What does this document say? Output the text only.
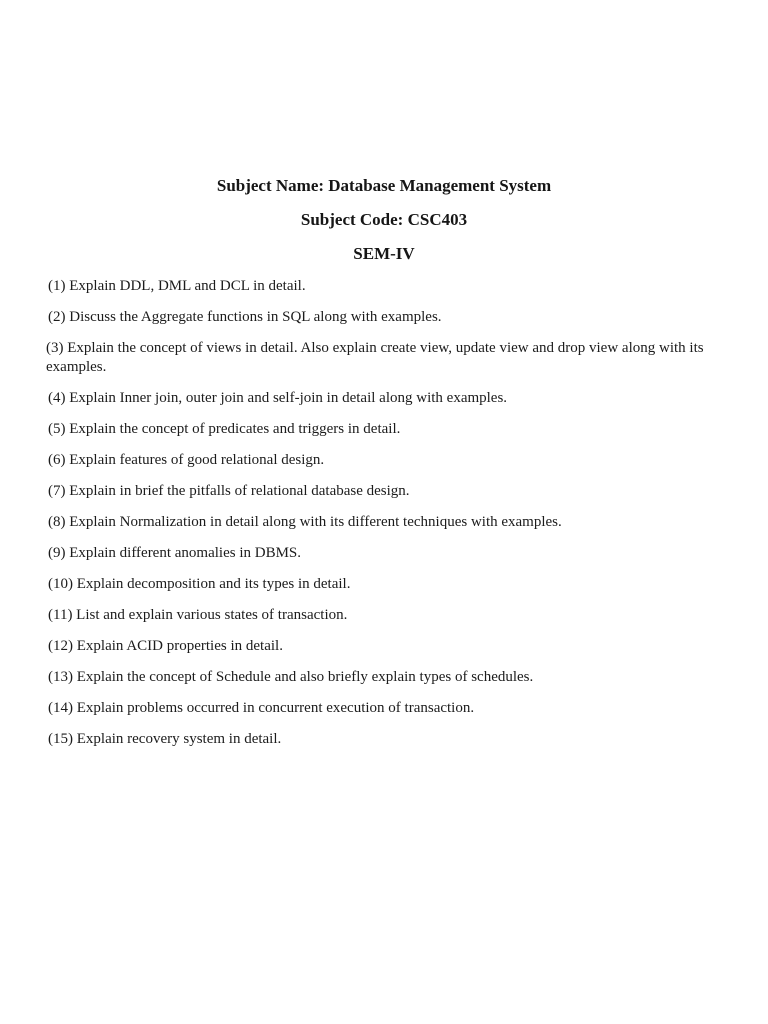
Subject Name: Database Management System
Subject Code: CSC403
SEM-IV
(1) Explain DDL, DML and DCL in detail.
(2) Discuss the Aggregate functions in SQL along with examples.
(3) Explain the concept of views in detail. Also explain create view, update view and drop view along with its examples.
(4) Explain Inner join, outer join and self-join in detail along with examples.
(5) Explain the concept of predicates and triggers in detail.
(6) Explain features of good relational design.
(7) Explain in brief the pitfalls of relational database design.
(8) Explain Normalization in detail along with its different techniques with examples.
(9) Explain different anomalies in DBMS.
(10) Explain decomposition and its types in detail.
(11) List and explain various states of transaction.
(12) Explain ACID properties in detail.
(13) Explain the concept of Schedule and also briefly explain types of schedules.
(14) Explain problems occurred in concurrent execution of transaction.
(15) Explain recovery system in detail.
